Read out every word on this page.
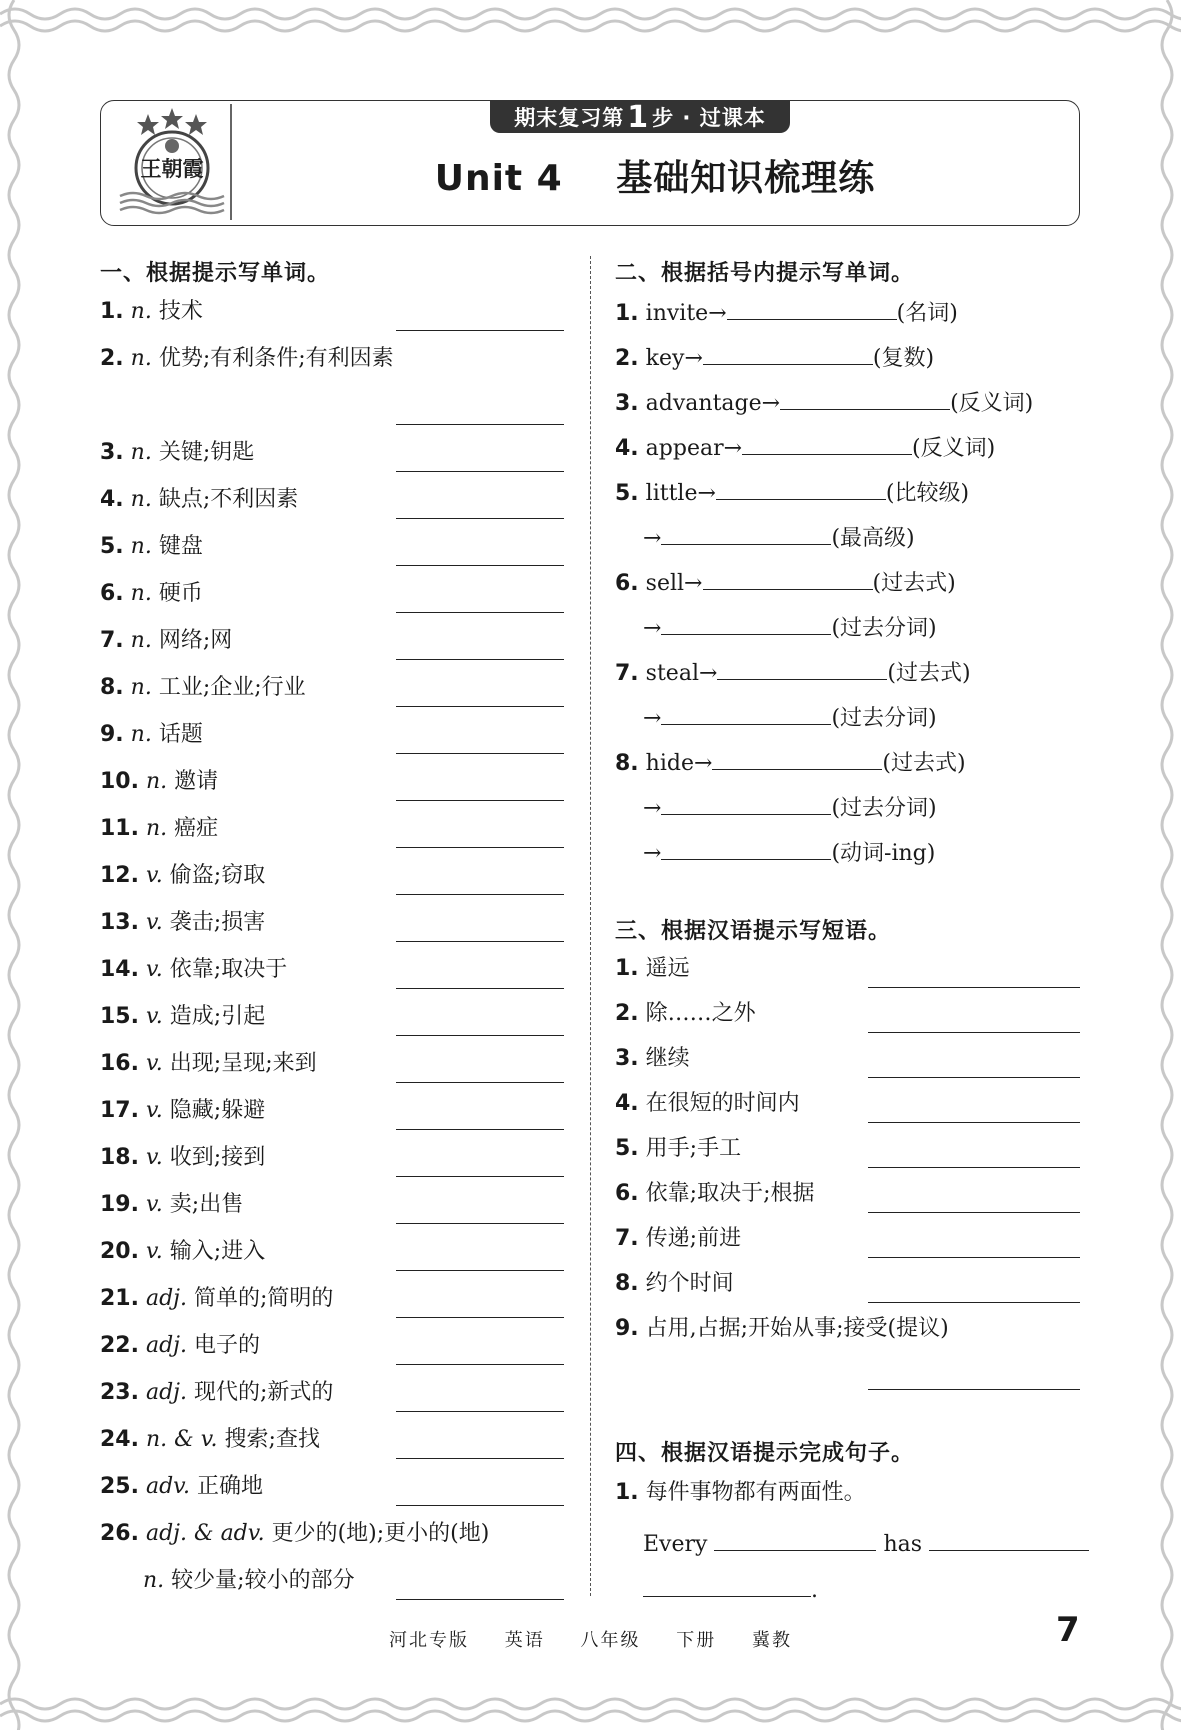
王朝霞
期末复习第 1 步 · 过课本
Unit 4 基础知识梳理练
一、根据提示写单词。
1. n. 技术
2. n. 优势;有利条件;有利因素
3. n. 关键;钥匙
4. n. 缺点;不利因素
5. n. 键盘
6. n. 硬币
7. n. 网络;网
8. n. 工业;企业;行业
9. n. 话题
10. n. 邀请
11. n. 癌症
12. v. 偷盗;窃取
13. v. 袭击;损害
14. v. 依靠;取决于
15. v. 造成;引起
16. v. 出现;呈现;来到
17. v. 隐藏;躲避
18. v. 收到;接到
19. v. 卖;出售
20. v. 输入;进入
21. adj. 简单的;简明的
22. adj. 电子的
23. adj. 现代的;新式的
24. n. & v. 搜索;查找
25. adv. 正确地
26. adj. & adv. 更少的(地);更小的(地)
n. 较少量;较小的部分
二、根据括号内提示写单词。
1. invite→	(名词)
2. key→	(复数)
3. advantage→	(反义词)
4. appear→	(反义词)
5. little→	(比较级)
→	(最高级)
6. sell→	(过去式)
→	(过去分词)
7. steal→	(过去式)
→	(过去分词)
8. hide→	(过去式)
→	(过去分词)
→	(动词-ing)
三、根据汉语提示写短语。
1. 遥远
2. 除……之外
3. 继续
4. 在很短的时间内
5. 用手;手工
6. 依靠;取决于;根据
7. 传递;前进
8. 约个时间
9. 占用,占据;开始从事;接受(提议)
四、根据汉语提示完成句子。
1. 每件事物都有两面性。
Every	has
.
河北专版 英语 八年级 下册 冀教	7
